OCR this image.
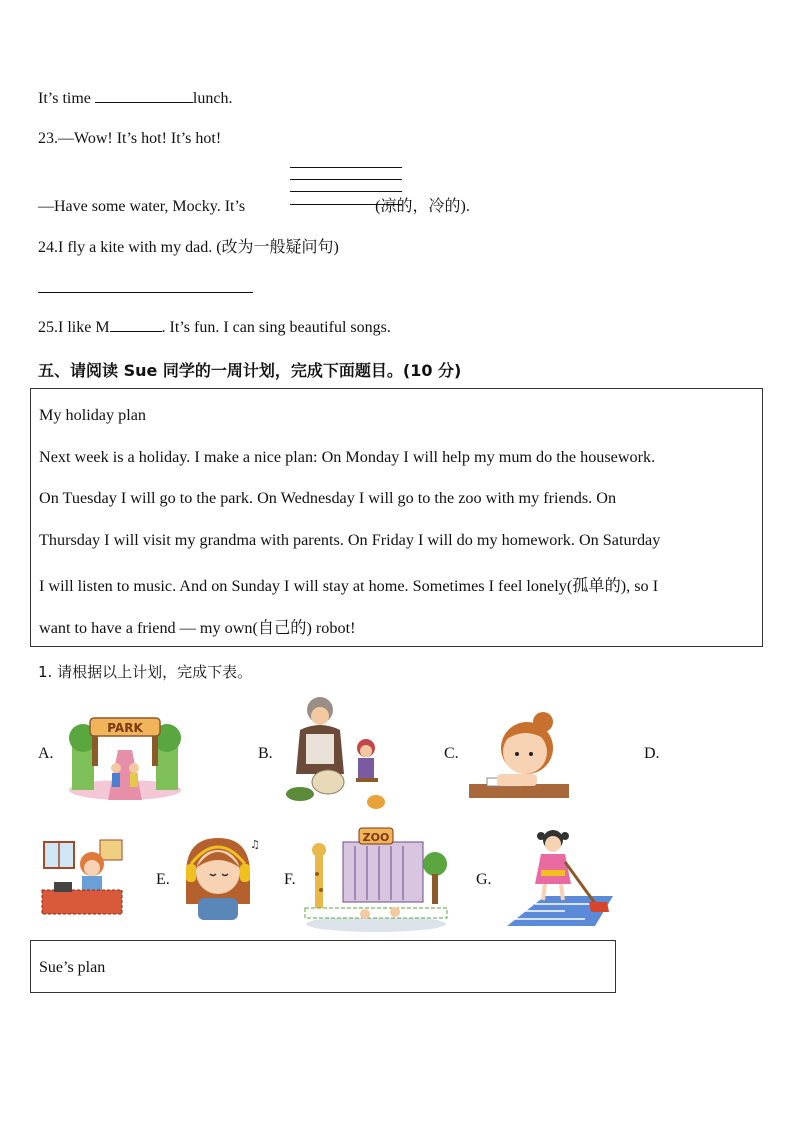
It’s time	lunch.
23.—Wow! It’s hot! It’s hot!
—Have some water, Mocky. It’s	(凉的，冷的).
24.I fly a kite with my dad. (改为一般疑问句)
25.I like M	. It’s fun. I can sing beautiful songs.
五、请阅读 Sue 同学的一周计划，完成下面题目。(10 分)
My holiday plan
Next week is a holiday. I make a nice plan: On Monday I will help my mum do the housework.
On Tuesday I will go to the park. On Wednesday I will go to the zoo with my friends. On
Thursday I will visit my grandma with parents. On Friday I will do my homework. On Saturday
I will listen to music. And on Sunday I will stay at home. Sometimes I feel lonely(孤单的), so I
want to have a friend — my own(自己的) robot!
1. 请根据以上计划，完成下表。
A.	B.	C.	D.
E.	F.	G.
PARK
♫
ZOO
Sue’s plan
